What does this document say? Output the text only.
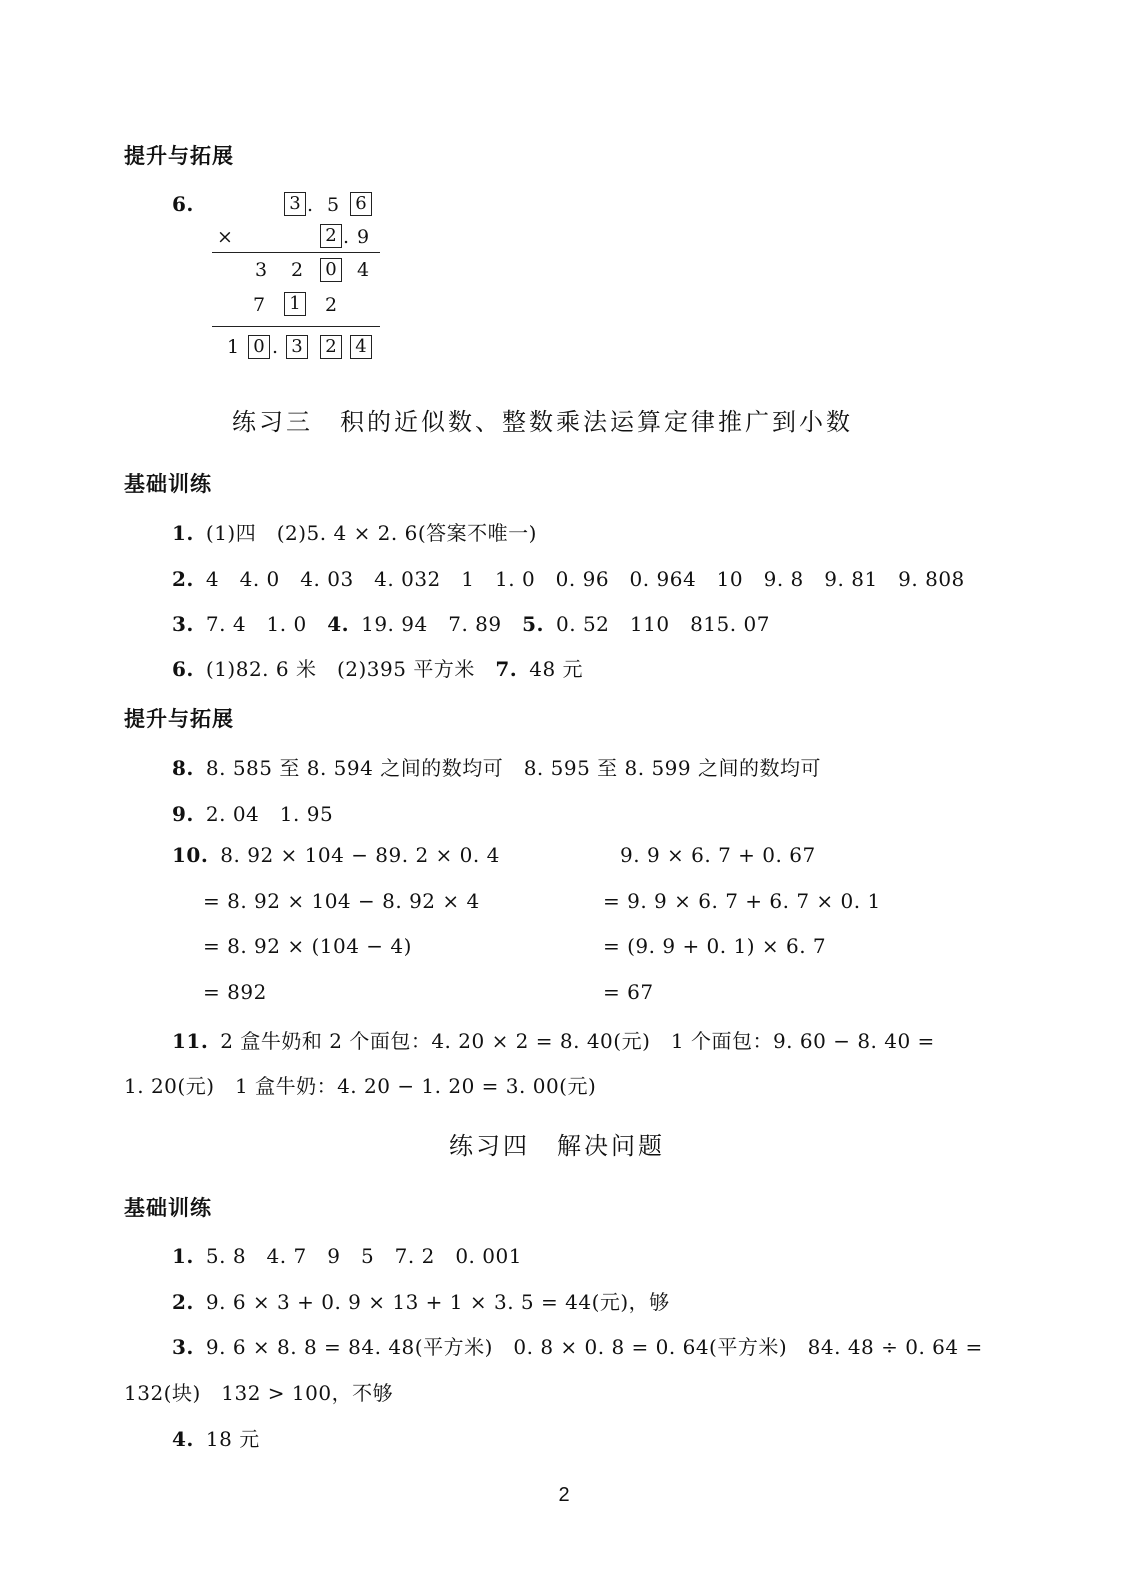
提升与拓展
6.	3 . 5 6
×	2 . 9
3 2 0 4
7 1 2
1 0 . 3 2 4
练习三　积的近似数、整数乘法运算定律推广到小数
基础训练
1. (1)四　(2)5. 4 × 2. 6(答案不唯一)
2. 4　4. 0　4. 03　4. 032　1　1. 0　0. 96　0. 964　10　9. 8　9. 81　9. 808
3. 7. 4　1. 0　 4. 19. 94　7. 89　 5. 0. 52　110　815. 07
6. (1)82. 6 米　(2)395 平方米　 7. 48 元
提升与拓展
8. 8. 585 至 8. 594 之间的数均可　8. 595 至 8. 599 之间的数均可
9. 2. 04　1. 95
10. 8. 92 × 104 − 89. 2 × 0. 4
= 8. 92 × 104 − 8. 92 × 4
= 8. 92 × (104 − 4)
= 892
9. 9 × 6. 7 + 0. 67
= 9. 9 × 6. 7 + 6. 7 × 0. 1
= (9. 9 + 0. 1) × 6. 7
= 67
11. 2 盒牛奶和 2 个面包：4. 20 × 2 = 8. 40(元)　1 个面包：9. 60 − 8. 40 =
1. 20(元)　1 盒牛奶：4. 20 − 1. 20 = 3. 00(元)
练习四　解决问题
基础训练
1. 5. 8　4. 7　9　5　7. 2　0. 001
2. 9. 6 × 3 + 0. 9 × 13 + 1 × 3. 5 = 44(元)，够
3. 9. 6 × 8. 8 = 84. 48(平方米)　0. 8 × 0. 8 = 0. 64(平方米)　84. 48 ÷ 0. 64 =
132(块)　132 > 100，不够
4. 18 元
2
